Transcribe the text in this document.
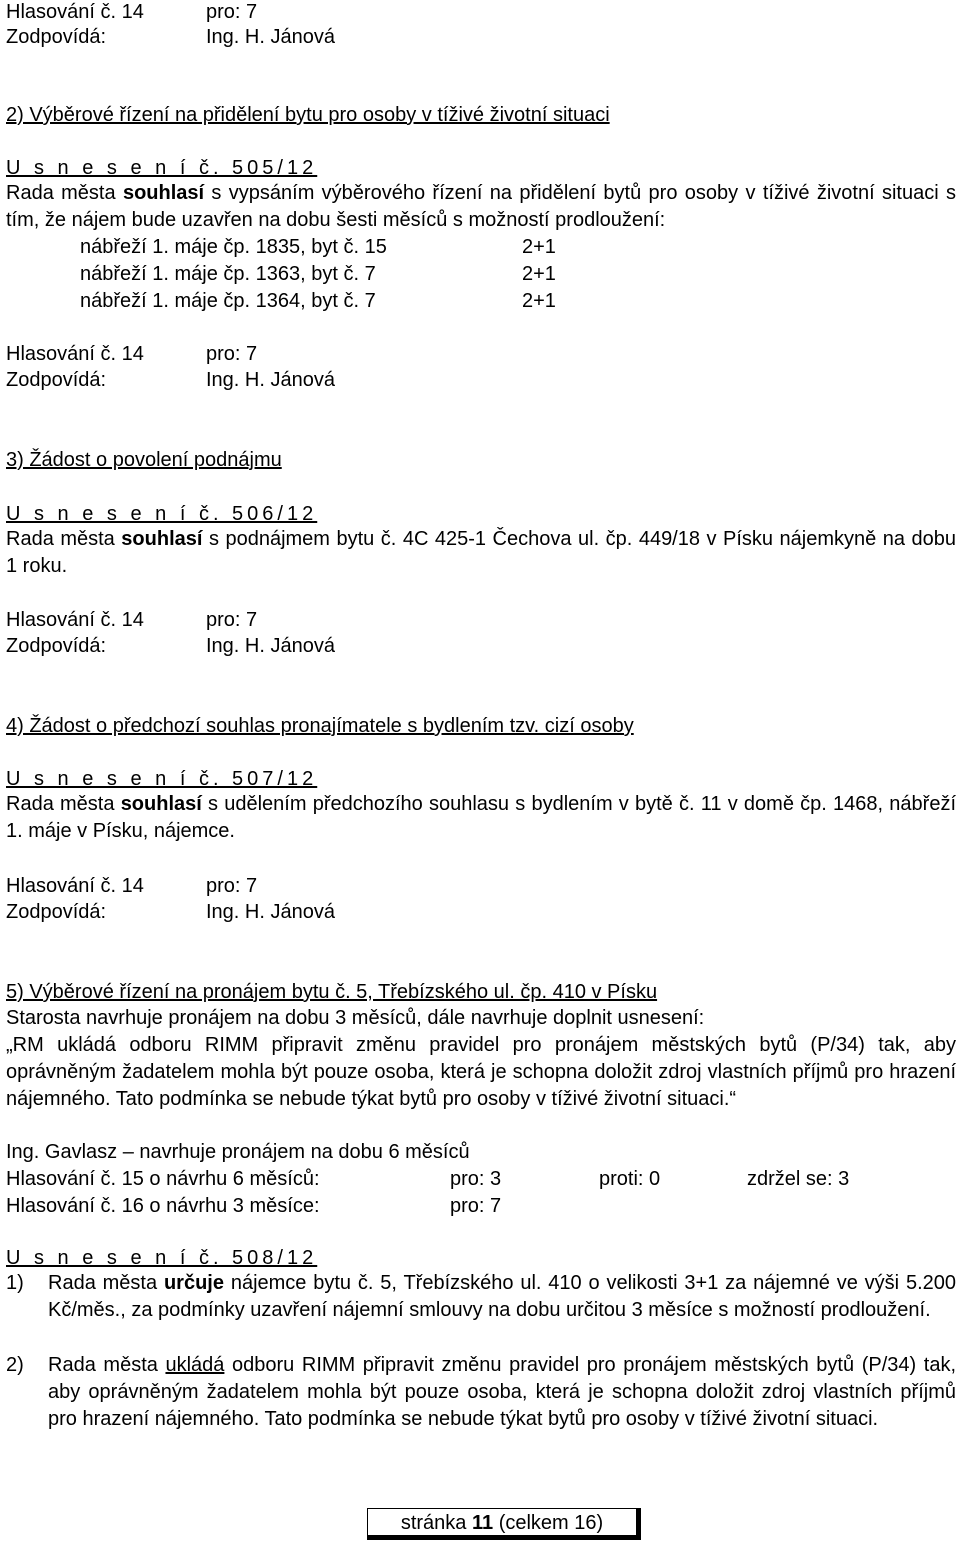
Hlasování č. 14	pro: 7
Zodpovídá:	Ing. H. Jánová
2) Výběrové řízení na přidělení bytu pro osoby v tíživé životní situaci
U s n e s e n í č. 505/12
Rada města souhlasí s vypsáním výběrového řízení na přidělení bytů pro osoby v tíživé životní situaci s tím, že nájem bude uzavřen na dobu šesti měsíců s možností prodloužení:
nábřeží 1. máje čp. 1835, byt č. 15	2+1
nábřeží 1. máje čp. 1363, byt č. 7	2+1
nábřeží 1. máje čp. 1364, byt č. 7	2+1
Hlasování č. 14	pro: 7
Zodpovídá:	Ing. H. Jánová
3) Žádost o povolení podnájmu
U s n e s e n í č. 506/12
Rada města souhlasí s podnájmem bytu č. 4C 425-1 Čechova ul. čp. 449/18 v Písku nájemkyně na dobu 1 roku.
Hlasování č. 14	pro: 7
Zodpovídá:	Ing. H. Jánová
4) Žádost o předchozí souhlas pronajímatele s bydlením tzv. cizí osoby
U s n e s e n í č. 507/12
Rada města souhlasí s udělením předchozího souhlasu s bydlením v bytě č. 11 v domě čp. 1468, nábřeží 1. máje v Písku, nájemce.
Hlasování č. 14	pro: 7
Zodpovídá:	Ing. H. Jánová
5) Výběrové řízení na pronájem bytu č. 5, Třebízského ul. čp. 410 v Písku
Starosta navrhuje pronájem na dobu 3 měsíců, dále navrhuje doplnit usnesení:
„RM ukládá odboru RIMM připravit změnu pravidel pro pronájem městských bytů (P/34) tak, aby oprávněným žadatelem mohla být pouze osoba, která je schopna doložit zdroj vlastních příjmů pro hrazení nájemného. Tato podmínka se nebude týkat bytů pro osoby v tíživé životní situaci.“
Ing. Gavlasz – navrhuje pronájem na dobu 6 měsíců
Hlasování č. 15 o návrhu 6 měsíců:	pro: 3	proti: 0	zdržel se: 3
Hlasování č. 16 o návrhu 3 měsíce:	pro: 7
U s n e s e n í č. 508/12
1) Rada města určuje nájemce bytu č. 5, Třebízského ul. 410 o velikosti 3+1 za nájemné ve výši 5.200 Kč/měs., za podmínky uzavření nájemní smlouvy na dobu určitou 3 měsíce s možností prodloužení.
2) Rada města ukládá odboru RIMM připravit změnu pravidel pro pronájem městských bytů (P/34) tak, aby oprávněným žadatelem mohla být pouze osoba, která je schopna doložit zdroj vlastních příjmů pro hrazení nájemného. Tato podmínka se nebude týkat bytů pro osoby v tíživé životní situaci.
stránka 11 (celkem 16)
